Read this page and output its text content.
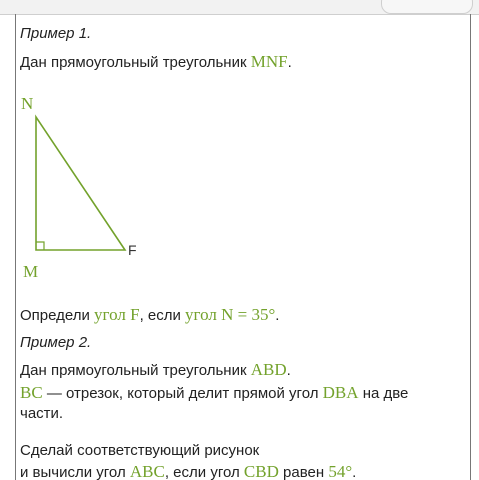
Пример 1.

Дан прямоугольный треугольник MNF.

N
M
F

Определи угол F, если угол N = 35°.

Пример 2.

Дан прямоугольный треугольник ABD.

BC — отрезок, который делит прямой угол DBA на две части.

Сделай соответствующий рисунок

и вычисли угол ABC, если угол CBD равен 54°.
